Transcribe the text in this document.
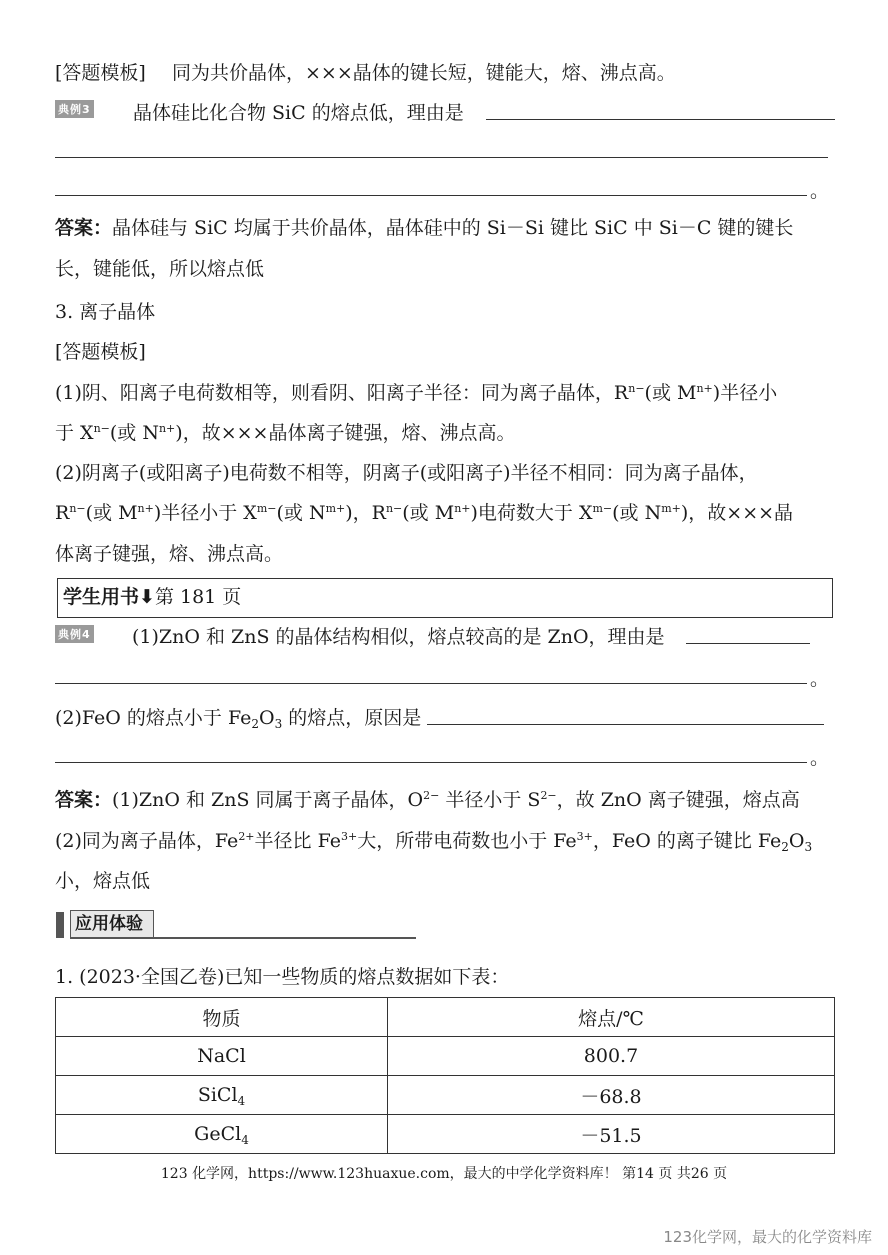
[答题模板] 同为共价晶体，×××晶体的键长短，键能大，熔、沸点高。
典例3 晶体硅比化合物 SiC 的熔点低，理由是
。
答案：晶体硅与 SiC 均属于共价晶体，晶体硅中的 Si－Si 键比 SiC 中 Si－C 键的键长
长，键能低，所以熔点低
3. 离子晶体
[答题模板]
(1)阴、阳离子电荷数相等，则看阴、阳离子半径：同为离子晶体，$R^{n-}$(或 $M^{n+}$)半径小
于 $X^{n-}$(或 $N^{n+}$)，故×××晶体离子键强，熔、沸点高。
(2)阴离子(或阳离子)电荷数不相等，阴离子(或阳离子)半径不相同：同为离子晶体，
$R^{n-}$(或 $M^{n+}$)半径小于 $X^{m-}$(或 $N^{m+}$)，$R^{n-}$(或 $M^{n+}$)电荷数大于 $X^{m-}$(或 $N^{m+}$)，故×××晶
体离子键强，熔、沸点高。
学生用书⬇第 181 页
典例4 (1)ZnO 和 ZnS 的晶体结构相似，熔点较高的是 ZnO，理由是
。
(2)FeO 的熔点小于 $Fe_2O_3$ 的熔点，原因是
。
答案：(1)ZnO 和 ZnS 同属于离子晶体，$O^{2-}$ 半径小于 $S^{2-}$，故 ZnO 离子键强，熔点高
(2)同为离子晶体，$Fe^{2+}$半径比 $Fe^{3+}$大，所带电荷数也小于 $Fe^{3+}$，FeO 的离子键比 $Fe_2O_3$
小，熔点低
应用体验
1. (2023·全国乙卷)已知一些物质的熔点数据如下表：
物质	熔点/℃
NaCl	800.7
SiCl$_4$	－68.8
GeCl$_4$	－51.5
123 化学网，https://www.123huaxue.com，最大的中学化学资料库！ 第14 页 共26 页
123化学网，最大的化学资料库
